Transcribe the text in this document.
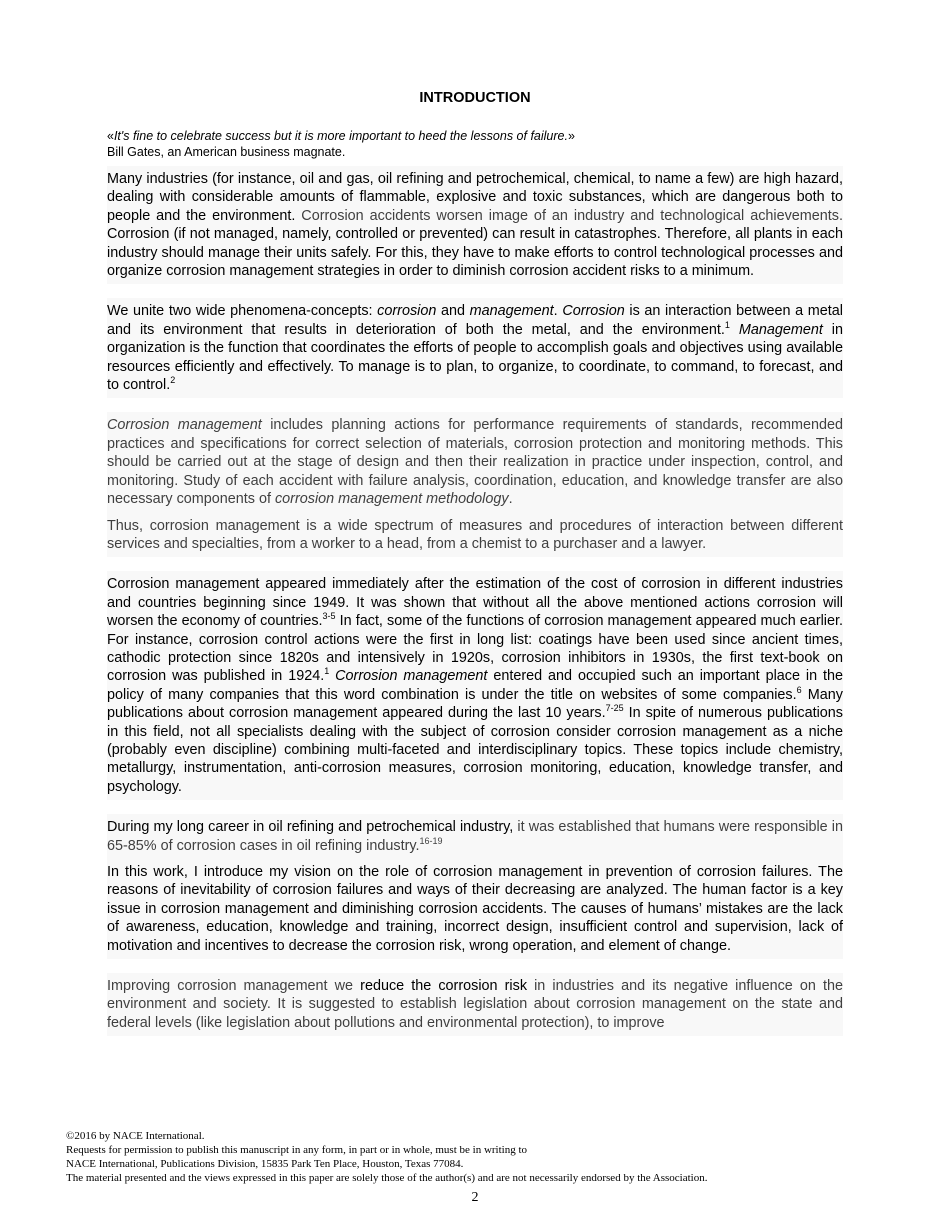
INTRODUCTION
«It's fine to celebrate success but it is more important to heed the lessons of failure.»
Bill Gates, an American business magnate.
Many industries (for instance, oil and gas, oil refining and petrochemical, chemical, to name a few) are high hazard, dealing with considerable amounts of flammable, explosive and toxic substances, which are dangerous both to people and the environment. Corrosion accidents worsen image of an industry and technological achievements. Corrosion (if not managed, namely, controlled or prevented) can result in catastrophes. Therefore, all plants in each industry should manage their units safely. For this, they have to make efforts to control technological processes and organize corrosion management strategies in order to diminish corrosion accident risks to a minimum.
We unite two wide phenomena-concepts: corrosion and management. Corrosion is an interaction between a metal and its environment that results in deterioration of both the metal, and the environment.$^1$ Management in organization is the function that coordinates the efforts of people to accomplish goals and objectives using available resources efficiently and effectively. To manage is to plan, to organize, to coordinate, to command, to forecast, and to control.$^2$
Corrosion management includes planning actions for performance requirements of standards, recommended practices and specifications for correct selection of materials, corrosion protection and monitoring methods. This should be carried out at the stage of design and then their realization in practice under inspection, control, and monitoring. Study of each accident with failure analysis, coordination, education, and knowledge transfer are also necessary components of corrosion management methodology.
Thus, corrosion management is a wide spectrum of measures and procedures of interaction between different services and specialties, from a worker to a head, from a chemist to a purchaser and a lawyer.
Corrosion management appeared immediately after the estimation of the cost of corrosion in different industries and countries beginning since 1949. It was shown that without all the above mentioned actions corrosion will worsen the economy of countries.$^{3-5}$ In fact, some of the functions of corrosion management appeared much earlier. For instance, corrosion control actions were the first in long list: coatings have been used since ancient times, cathodic protection since 1820s and intensively in 1920s, corrosion inhibitors in 1930s, the first text-book on corrosion was published in 1924.$^1$ Corrosion management entered and occupied such an important place in the policy of many companies that this word combination is under the title on websites of some companies.$^6$ Many publications about corrosion management appeared during the last 10 years.$^{7-25}$ In spite of numerous publications in this field, not all specialists dealing with the subject of corrosion consider corrosion management as a niche (probably even discipline) combining multi-faceted and interdisciplinary topics. These topics include chemistry, metallurgy, instrumentation, anti-corrosion measures, corrosion monitoring, education, knowledge transfer, and psychology.
During my long career in oil refining and petrochemical industry, it was established that humans were responsible in 65-85% of corrosion cases in oil refining industry.$^{16-19}$
In this work, I introduce my vision on the role of corrosion management in prevention of corrosion failures. The reasons of inevitability of corrosion failures and ways of their decreasing are analyzed. The human factor is a key issue in corrosion management and diminishing corrosion accidents. The causes of humans’ mistakes are the lack of awareness, education, knowledge and training, incorrect design, insufficient control and supervision, lack of motivation and incentives to decrease the corrosion risk, wrong operation, and element of change.
Improving corrosion management we reduce the corrosion risk in industries and its negative influence on the environment and society. It is suggested to establish legislation about corrosion management on the state and federal levels (like legislation about pollutions and environmental protection), to improve
©2016 by NACE International.
Requests for permission to publish this manuscript in any form, in part or in whole, must be in writing to
NACE International, Publications Division, 15835 Park Ten Place, Houston, Texas 77084.
The material presented and the views expressed in this paper are solely those of the author(s) and are not necessarily endorsed by the Association.
2
